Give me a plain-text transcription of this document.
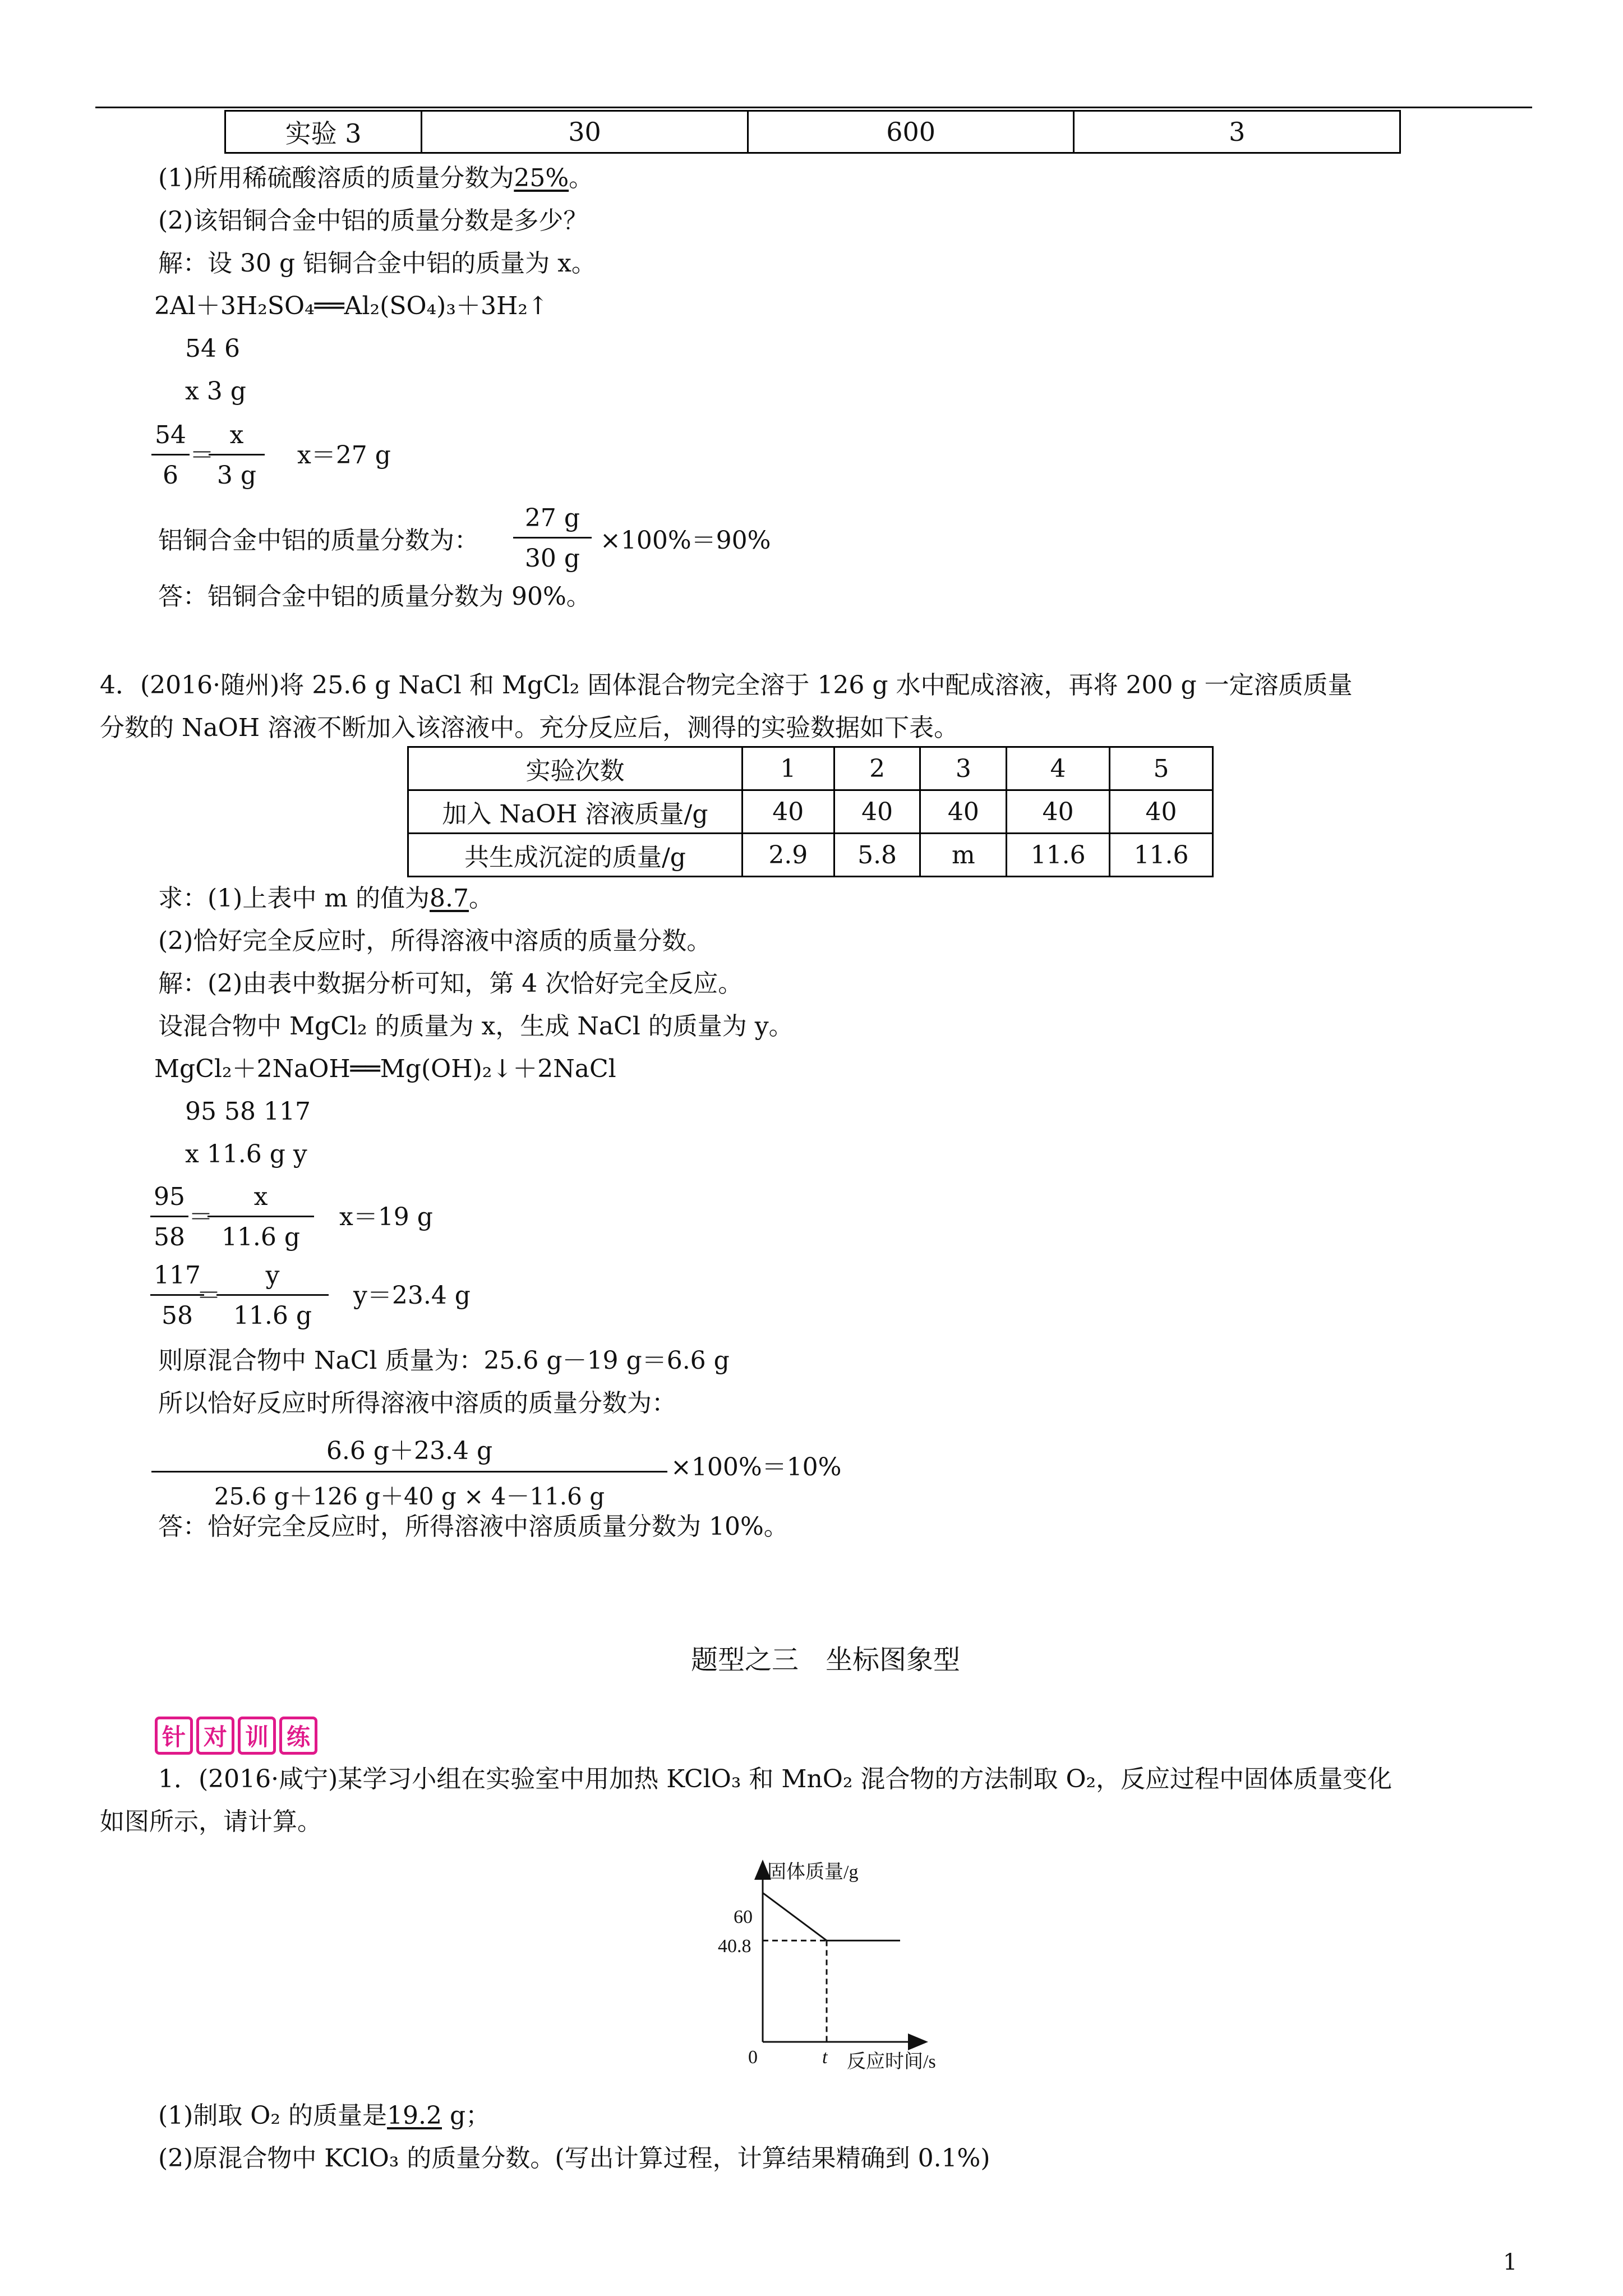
实验 3	30	600	3
(1)所用稀硫酸溶质的质量分数为25%。
(2)该铝铜合金中铝的质量分数是多少？
解：设 30 g 铝铜合金中铝的质量为 x。
2Al＋3H₂SO₄══Al₂(SO₄)₃＋3H₂↑
54 6
x 3 g
$\frac{54}{6}$ ＝
$\frac{x}{3 g} x=27$ g
铝铜合金中铝的质量分数为： $\frac{27 g}{30 g} \times 100\%=90\%$
答：铝铜合金中铝的质量分数为 90%。
4．(2016·随州)将 25.6 g NaCl 和 MgCl₂ 固体混合物完全溶于 126 g 水中配成溶液，再将 200 g 一定溶质质量
分数的 NaOH 溶液不断加入该溶液中。充分反应后，测得的实验数据如下表。
实验次数	1	2	3	4	5
加入 NaOH 溶液质量/g	40	40	40	40	40
共生成沉淀的质量/g	2.9	5.8	m	11.6	11.6
求：(1)上表中 m 的值为8.7。
(2)恰好完全反应时，所得溶液中溶质的质量分数。
解：(2)由表中数据分析可知，第 4 次恰好完全反应。
设混合物中 MgCl₂ 的质量为 x，生成 NaCl 的质量为 y。
MgCl₂＋2NaOH══Mg(OH)₂↓＋2NaCl
95 58 117
x 11.6 g y
$\frac{95}{58}$ ＝
$\frac{x}{11.6 g} x=19$ g
$\frac{117}{58}$
＝
$\frac{y}{11.6 g} y=23.4$ g
则原混合物中 NaCl 质量为：25.6 g－19 g＝6.6 g
所以恰好反应时所得溶液中溶质的质量分数为：
$\frac{6.6 g+23.4 g}{25.6 g+126 g+40 g \times 4-11.6 g} \times 100\%=10\%$
答：恰好完全反应时，所得溶液中溶质质量分数为 10%。
题型之三　坐标图象型
针 对 训 练
1．(2016·咸宁)某学习小组在实验室中用加热 KClO₃ 和 MnO₂ 混合物的方法制取 O₂，反应过程中固体质量变化
如图所示，请计算。
固体质量/g
反应时间/s
60
40.8
0	t
(1)制取 O₂ 的质量是19.2 g；
(2)原混合物中 KClO₃ 的质量分数。(写出计算过程，计算结果精确到 0.1%)
1
